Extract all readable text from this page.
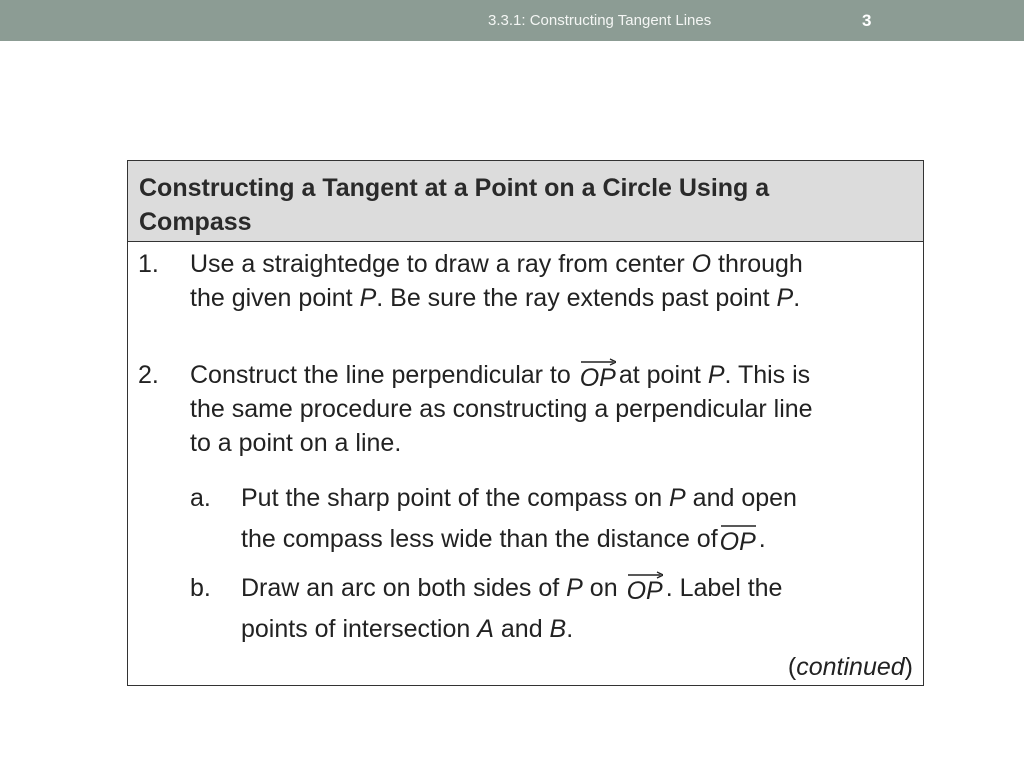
3.3.1: Constructing Tangent Lines	3
Constructing a Tangent at a Point on a Circle Using a Compass
1. Use a straightedge to draw a ray from center O through
the given point P. Be sure the ray extends past point P.
2. Construct the line perpendicular to
OP at point P. This is
the same procedure as constructing a perpendicular line
to a point on a line.
a. Put the sharp point of the compass on P and open
the compass less wide than the distance of
OP .
b. Draw an arc on both sides of P on
OP . Label the
points of intersection A and B.
(continued)
